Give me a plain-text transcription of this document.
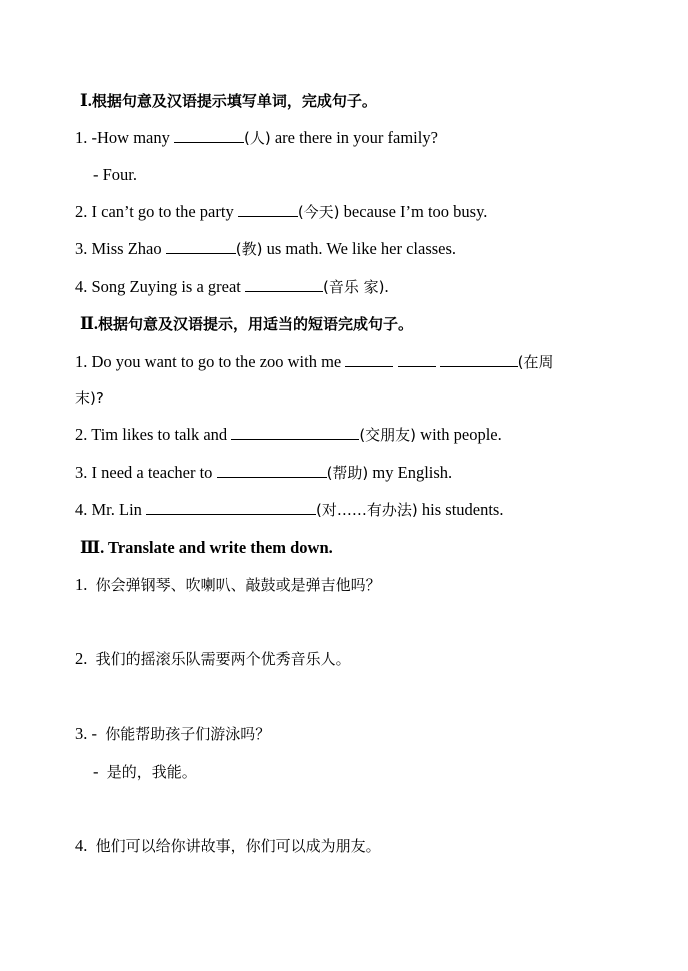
Ⅰ.根据句意及汉语提示填写单词，完成句子。
1. -How many	(人) are there in your family?
- Four.
2. I can’t go to the party	(今天) because I’m too busy.
3. Miss Zhao	(教) us math. We like her classes.
4. Song Zuying is a great	(音乐 家).
Ⅱ.根据句意及汉语提示，用适当的短语完成句子。
1. Do you want to go to the zoo with me	(在周
末)?
2. Tim likes to talk and	(交朋友) with people.
3. I need a teacher to	(帮助) my English.
4. Mr. Lin	(对……有办法) his students.
Ⅲ. Translate and write them down.
1. 你会弹钢琴、吹喇叭、敲鼓或是弹吉他吗？
2. 我们的摇滚乐队需要两个优秀音乐人。
3. - 你能帮助孩子们游泳吗？
- 是的，我能。
4. 他们可以给你讲故事，你们可以成为朋友。
